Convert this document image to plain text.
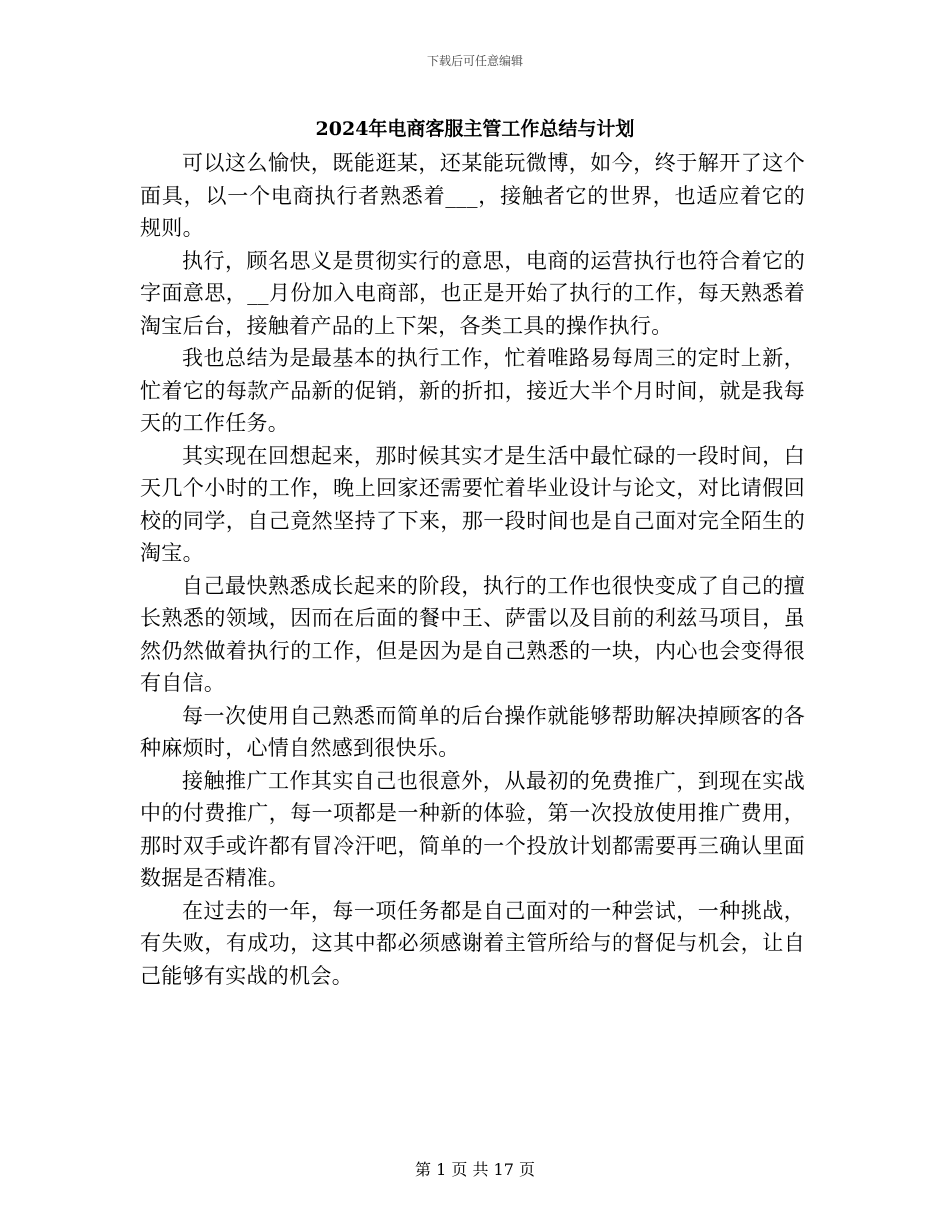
下载后可任意编辑
2024年电商客服主管工作总结与计划

可以这么愉快，既能逛某，还某能玩微博，如今，终于解开了这个面具，以一个电商执行者熟悉着___，接触者它的世界，也适应着它的规则。

执行，顾名思义是贯彻实行的意思，电商的运营执行也符合着它的字面意思，__月份加入电商部，也正是开始了执行的工作，每天熟悉着淘宝后台，接触着产品的上下架，各类工具的操作执行。

我也总结为是最基本的执行工作，忙着唯路易每周三的定时上新，忙着它的每款产品新的促销，新的折扣，接近大半个月时间，就是我每天的工作任务。

其实现在回想起来，那时候其实才是生活中最忙碌的一段时间，白天几个小时的工作，晚上回家还需要忙着毕业设计与论文，对比请假回校的同学，自己竟然坚持了下来，那一段时间也是自己面对完全陌生的淘宝。

自己最快熟悉成长起来的阶段，执行的工作也很快变成了自己的擅长熟悉的领域，因而在后面的餐中王、萨雷以及目前的利兹马项目，虽然仍然做着执行的工作，但是因为是自己熟悉的一块，内心也会变得很有自信。

每一次使用自己熟悉而简单的后台操作就能够帮助解决掉顾客的各种麻烦时，心情自然感到很快乐。

接触推广工作其实自己也很意外，从最初的免费推广，到现在实战中的付费推广，每一项都是一种新的体验，第一次投放使用推广费用，那时双手或许都有冒冷汗吧，简单的一个投放计划都需要再三确认里面数据是否精准。

在过去的一年，每一项任务都是自己面对的一种尝试，一种挑战，有失败，有成功，这其中都必须感谢着主管所给与的督促与机会，让自己能够有实战的机会。

第 1 页 共 17 页
